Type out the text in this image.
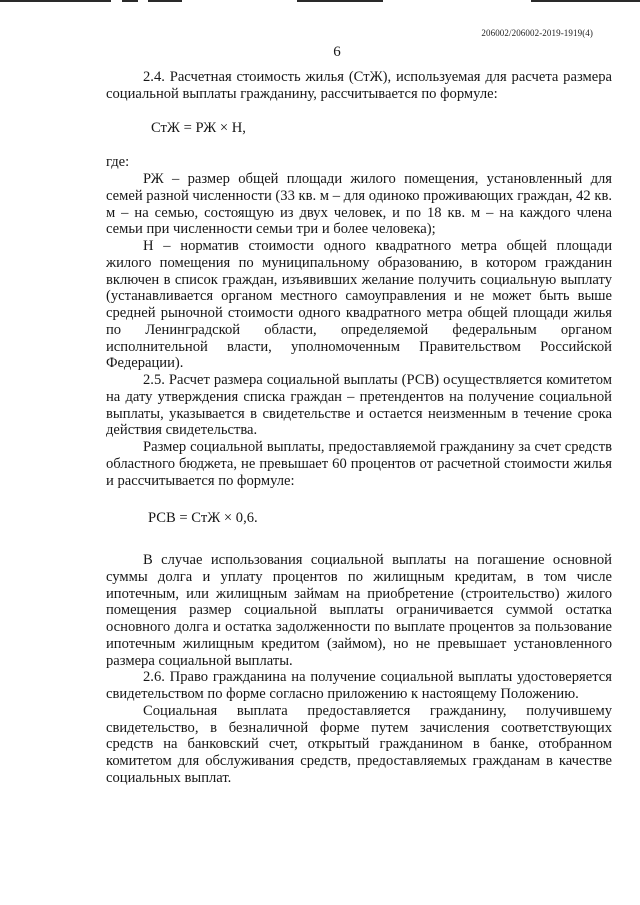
206002/206002-2019-1919(4)
6

2.4. Расчетная стоимость жилья (СтЖ), используемая для расчета размера социальной выплаты гражданину, рассчитывается по формуле:

СтЖ = РЖ × Н,

где:

РЖ – размер общей площади жилого помещения, установленный для семей разной численности (33 кв. м – для одиноко проживающих граждан, 42 кв. м – на семью, состоящую из двух человек, и по 18 кв. м – на каждого члена семьи при численности семьи три и более человека);

Н – норматив стоимости одного квадратного метра общей площади жилого помещения по муниципальному образованию, в котором гражданин включен в список граждан, изъявивших желание получить социальную выплату (устанавливается органом местного самоуправления и не может быть выше средней рыночной стоимости одного квадратного метра общей площади жилья по Ленинградской области, определяемой федеральным органом исполнительной власти, уполномоченным Правительством Российской Федерации).

2.5. Расчет размера социальной выплаты (РСВ) осуществляется комитетом на дату утверждения списка граждан – претендентов на получение социальной выплаты, указывается в свидетельстве и остается неизменным в течение срока действия свидетельства.

Размер социальной выплаты, предоставляемой гражданину за счет средств областного бюджета, не превышает 60 процентов от расчетной стоимости жилья и рассчитывается по формуле:

РСВ = СтЖ × 0,6.

В случае использования социальной выплаты на погашение основной суммы долга и уплату процентов по жилищным кредитам, в том числе ипотечным, или жилищным займам на приобретение (строительство) жилого помещения размер социальной выплаты ограничивается суммой остатка основного долга и остатка задолженности по выплате процентов за пользование ипотечным жилищным кредитом (займом), но не превышает установленного размера социальной выплаты.

2.6. Право гражданина на получение социальной выплаты удостоверяется свидетельством по форме согласно приложению к настоящему Положению.

Социальная выплата предоставляется гражданину, получившему свидетельство, в безналичной форме путем зачисления соответствующих средств на банковский счет, открытый гражданином в банке, отобранном комитетом для обслуживания средств, предоставляемых гражданам в качестве социальных выплат.
